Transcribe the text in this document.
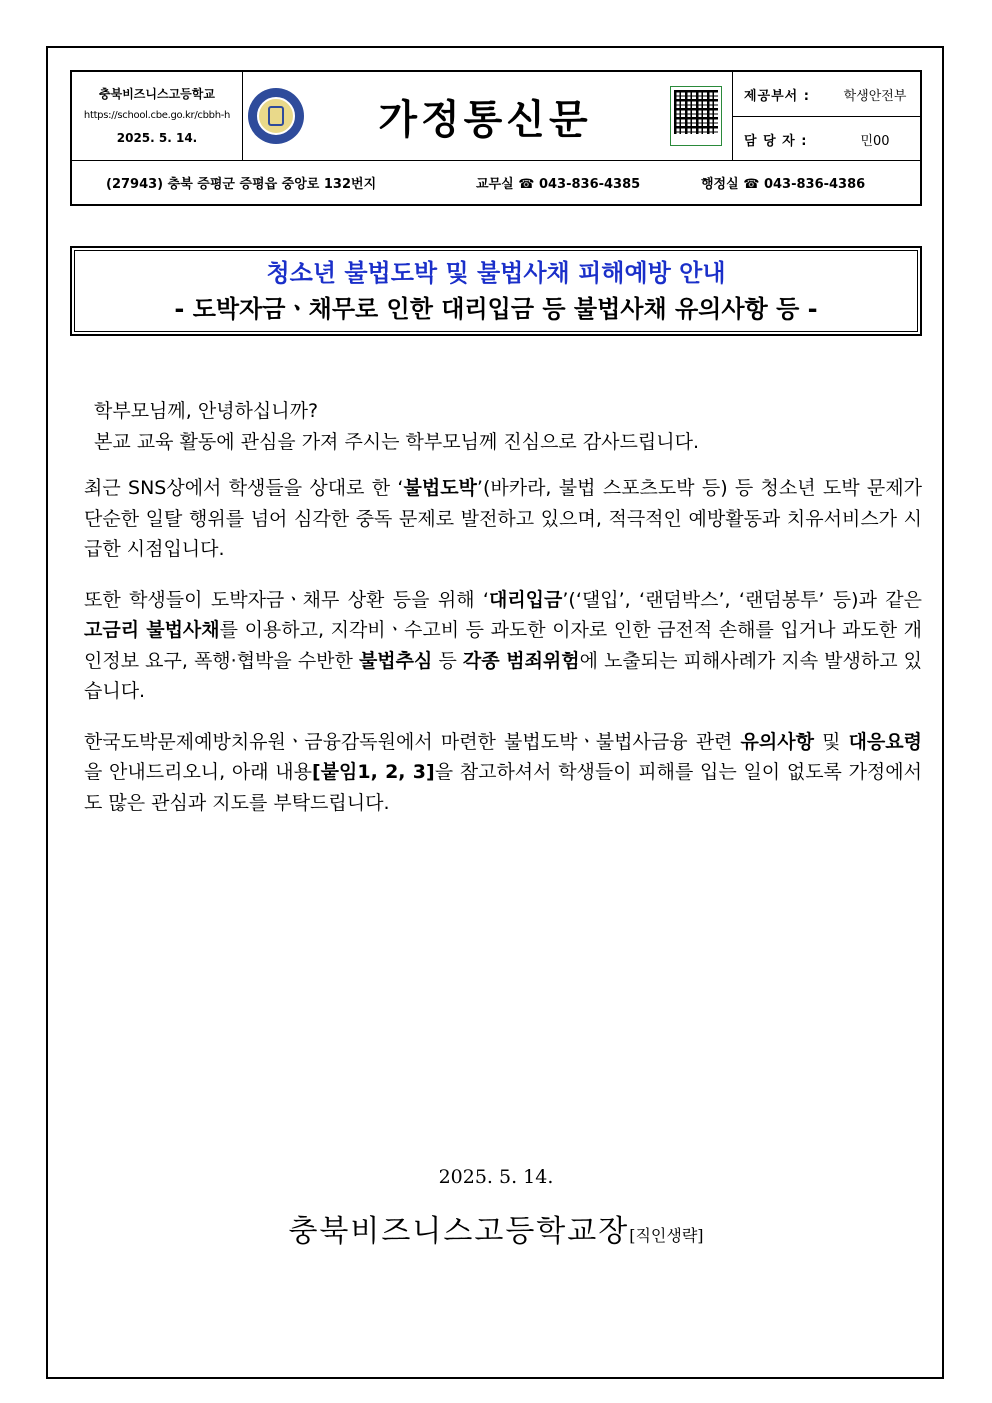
충북비즈니스고등학교
https://school.cbe.go.kr/cbbh-h
2025. 5. 14.	가정통신문
제공부서 :	학생안전부
담 당 자 :	민00
(27943) 충북 증평군 증평읍 중앙로 132번지	교무실 ☎ 043-836-4385	행정실 ☎ 043-836-4386
청소년 불법도박 및 불법사채 피해예방 안내
- 도박자금ㆍ채무로 인한 대리입금 등 불법사채 유의사항 등 -

학부모님께, 안녕하십니까?

본교 교육 활동에 관심을 가져 주시는 학부모님께 진심으로 감사드립니다.

최근 SNS상에서 학생들을 상대로 한 ‘불법도박’(바카라, 불법 스포츠도박 등) 등 청소년 도박 문제가 단순한 일탈 행위를 넘어 심각한 중독 문제로 발전하고 있으며, 적극적인 예방활동과 치유서비스가 시급한 시점입니다.

또한 학생들이 도박자금ㆍ채무 상환 등을 위해 ‘대리입금’(‘댈입’, ‘랜덤박스’, ‘랜덤봉투’ 등)과 같은 고금리 불법사채를 이용하고, 지각비ㆍ수고비 등 과도한 이자로 인한 금전적 손해를 입거나 과도한 개인정보 요구, 폭행·협박을 수반한 불법추심 등 각종 범죄위험에 노출되는 피해사례가 지속 발생하고 있습니다.

한국도박문제예방치유원ㆍ금융감독원에서 마련한 불법도박ㆍ불법사금융 관련 유의사항 및 대응요령을 안내드리오니, 아래 내용[붙임1, 2, 3]을 참고하셔서 학생들이 피해를 입는 일이 없도록 가정에서도 많은 관심과 지도를 부탁드립니다.

2025. 5. 14.
충북비즈니스고등학교장[직인생략]
